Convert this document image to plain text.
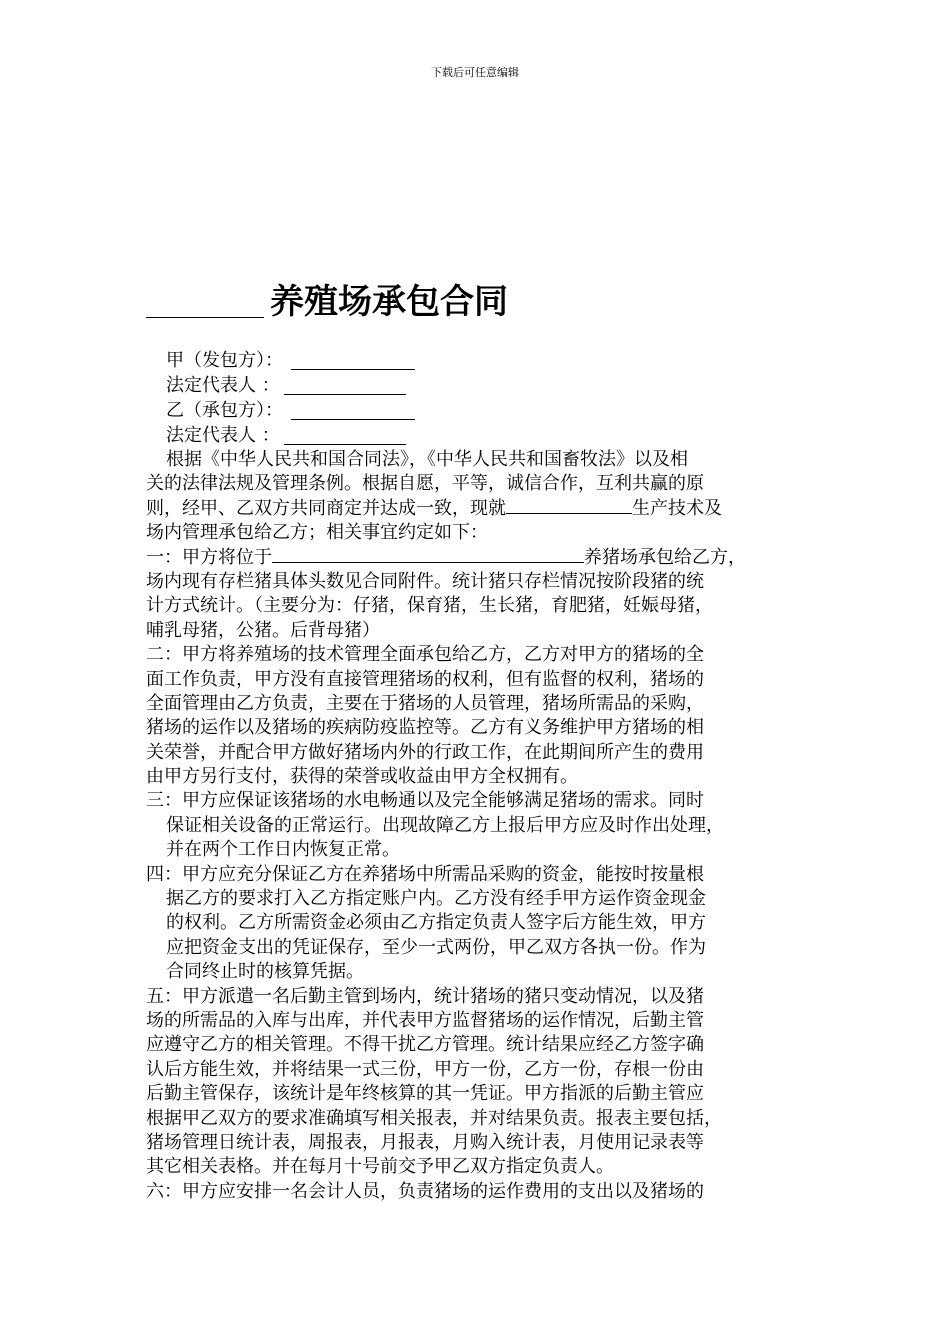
下载后可任意编辑
养殖场承包合同
甲（发包方）：
法定代表人 ：
乙（承包方）：
法定代表人 ：
根据《中华人民共和国合同法》，《中华人民共和国畜牧法》以及相
关的法律法规及管理条例。根据自愿，平等，诚信合作，互利共赢的原
则，经甲、乙双方共同商定并达成一致，现就	生产技术及
场内管理承包给乙方；相关事宜约定如下：
一：甲方将位于	养猪场承包给乙方，
场内现有存栏猪具体头数见合同附件。统计猪只存栏情况按阶段猪的统
计方式统计。（主要分为：仔猪，保育猪，生长猪，育肥猪，妊娠母猪，
哺乳母猪，公猪。后背母猪）
二：甲方将养殖场的技术管理全面承包给乙方，乙方对甲方的猪场的全
面工作负责，甲方没有直接管理猪场的权利，但有监督的权利，猪场的
全面管理由乙方负责，主要在于猪场的人员管理，猪场所需品的采购，
猪场的运作以及猪场的疾病防疫监控等。乙方有义务维护甲方猪场的相
关荣誉，并配合甲方做好猪场内外的行政工作，在此期间所产生的费用
由甲方另行支付，获得的荣誉或收益由甲方全权拥有。
三：甲方应保证该猪场的水电畅通以及完全能够满足猪场的需求。同时
保证相关设备的正常运行。出现故障乙方上报后甲方应及时作出处理，
并在两个工作日内恢复正常。
四：甲方应充分保证乙方在养猪场中所需品采购的资金，能按时按量根
据乙方的要求打入乙方指定账户内。乙方没有经手甲方运作资金现金
的权利。乙方所需资金必须由乙方指定负责人签字后方能生效，甲方
应把资金支出的凭证保存，至少一式两份，甲乙双方各执一份。作为
合同终止时的核算凭据。
五：甲方派遣一名后勤主管到场内，统计猪场的猪只变动情况，以及猪
场的所需品的入库与出库，并代表甲方监督猪场的运作情况，后勤主管
应遵守乙方的相关管理。不得干扰乙方管理。统计结果应经乙方签字确
认后方能生效，并将结果一式三份，甲方一份，乙方一份，存根一份由
后勤主管保存，该统计是年终核算的其一凭证。甲方指派的后勤主管应
根据甲乙双方的要求准确填写相关报表，并对结果负责。报表主要包括，
猪场管理日统计表，周报表，月报表，月购入统计表，月使用记录表等
其它相关表格。并在每月十号前交予甲乙双方指定负责人。
六：甲方应安排一名会计人员，负责猪场的运作费用的支出以及猪场的
